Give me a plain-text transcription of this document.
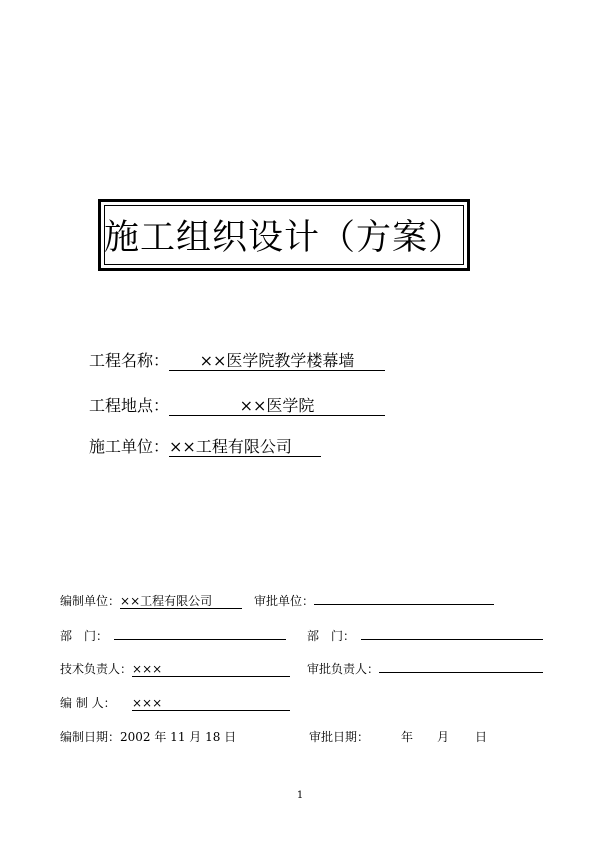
施工组织设计（方案）
工程名称： ××医学院教学楼幕墙
工程地点：	××医学院
施工单位：××工程有限公司
编制单位：××工程有限公司	审批单位：
部　门：	部　门：
技术负责人：×××	审批负责人：
编 制 人： ×××
编制日期：2002 年 11 月 18 日	审批日期：	年 月 日
1
